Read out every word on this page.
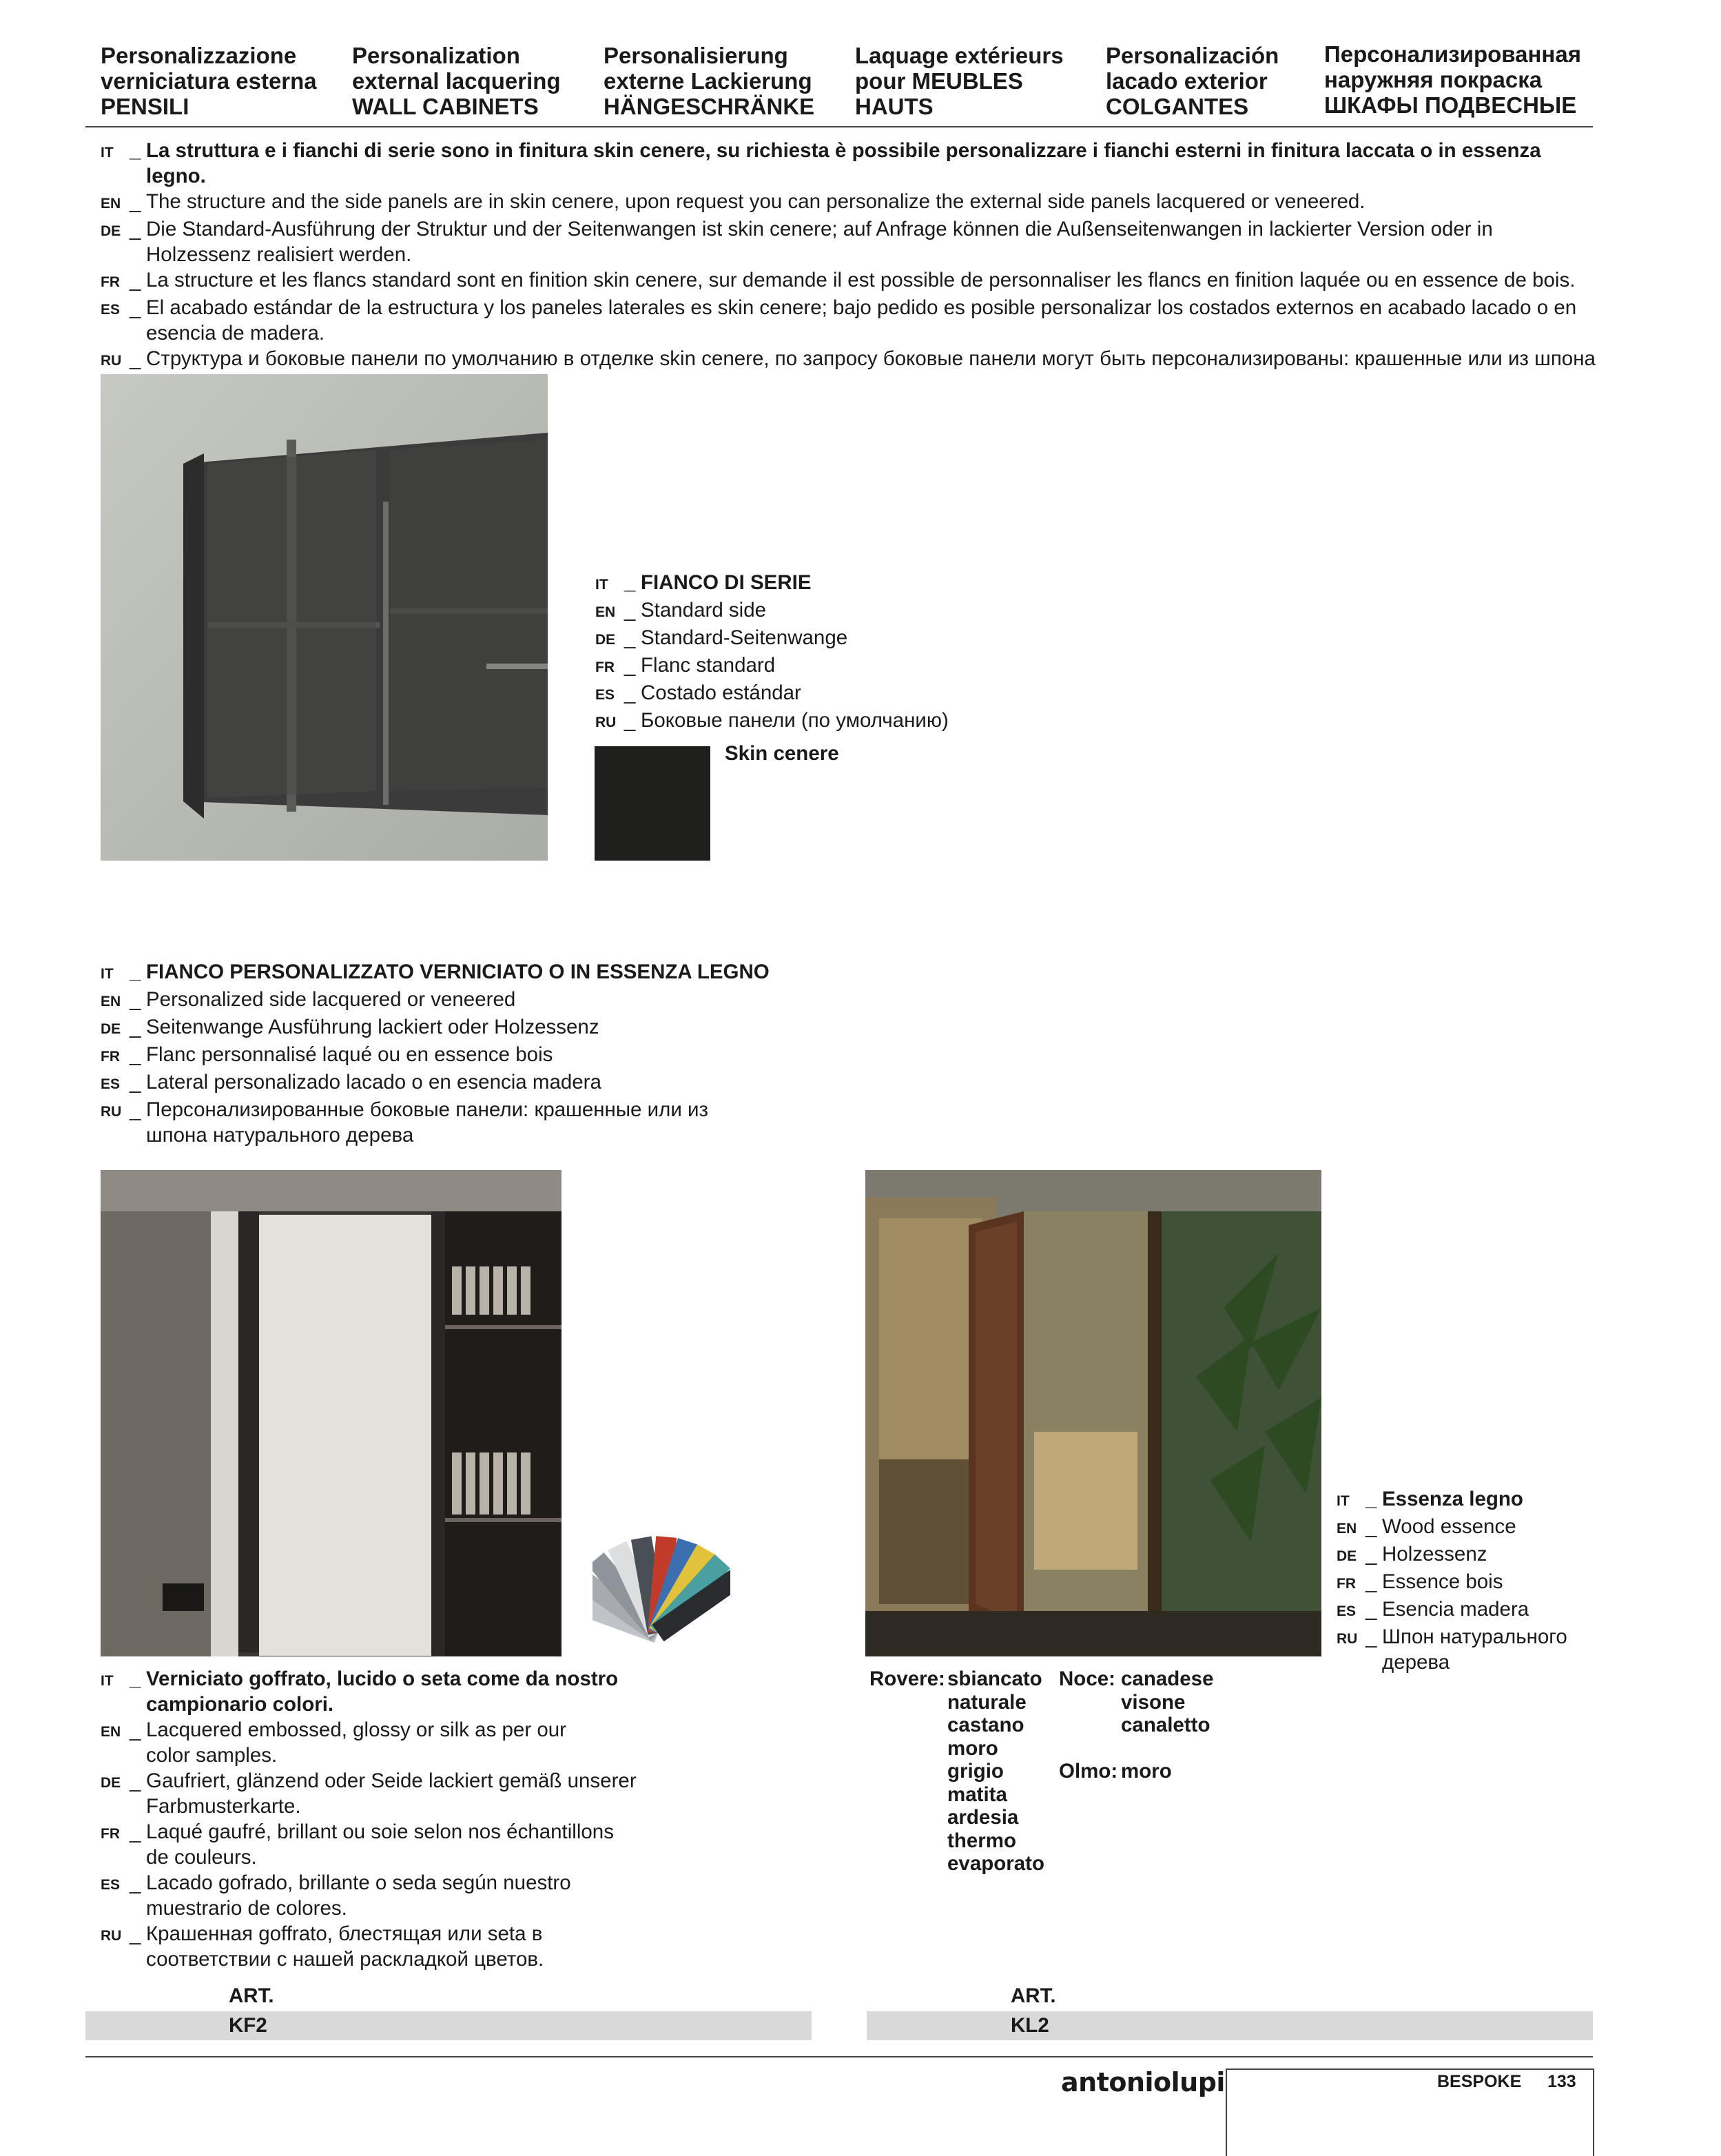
Personalizzazione
verniciatura esterna
PENSILI
Personalization
external lacquering
WALL CABINETS
Personalisierung
externe Lackierung
HÄNGESCHRÄNKE
Laquage extérieurs
pour MEUBLES
HAUTS
Personalización
lacado exterior
COLGANTES
Персонализированная
наружняя покраска
ШКАФЫ ПОДВЕСНЫЕ
IT _ La struttura e i fianchi di serie sono in finitura skin cenere, su richiesta è possibile personalizzare i fianchi esterni in finitura laccata o in essenza legno.
EN _ The structure and the side panels are in skin cenere, upon request you can personalize the external side panels lacquered or veneered.
DE _ Die Standard-Ausführung der Struktur und der Seitenwangen ist skin cenere; auf Anfrage können die Außenseitenwangen in lackierter Version oder in Holzessenz realisiert werden.
FR _ La structure et les flancs standard sont en finition skin cenere, sur demande il est possible de personnaliser les flancs en finition laquée ou en essence de bois.
ES _ El acabado estándar de la estructura y los paneles laterales es skin cenere; bajo pedido es posible personalizar los costados externos en acabado lacado o en esencia de madera.
RU _ Структура и боковые панели по умолчанию в отделке skin cenere, по запросу боковые панели могут быть персонализированы: крашенные или из шпона
IT _ FIANCO DI SERIE
EN _ Standard side
DE _ Standard-Seitenwange
FR _ Flanc standard
ES _ Costado estándar
RU _ Боковые панели (по умолчанию)
Skin cenere
IT _ FIANCO PERSONALIZZATO VERNICIATO O IN ESSENZA LEGNO
EN _ Personalized side lacquered or veneered
DE _ Seitenwange Ausführung lackiert oder Holzessenz
FR _ Flanc personnalisé laqué ou en essence bois
ES _ Lateral personalizado lacado o en esencia madera
RU _ Персонализированные боковые панели: крашенные или из шпона натурального дерева
IT _ Essenza legno
EN _ Wood essence
DE _ Holzessenz
FR _ Essence bois
ES _ Esencia madera
RU _ Шпон натурального дерева
IT _ Verniciato goffrato, lucido o seta come da nostro campionario colori.
EN _ Lacquered embossed, glossy or silk as per our color samples.
DE _ Gaufriert, glänzend oder Seide lackiert gemäß unserer Farbmusterkarte.
FR _ Laqué gaufré, brillant ou soie selon nos échantillons de couleurs.
ES _ Lacado gofrado, brillante o seda según nuestro muestrario de colores.
RU _ Крашенная goffrato, блестящая или seta в соответствии с нашей раскладкой цветов.
Rovere: sbiancato
naturale
castano
moro
grigio
matita
ardesia
thermo
evaporato
Noce: canadese
visone
canaletto
Olmo: moro
ART.
KF2
ART.
KL2
antoniolupi	BESPOKE 133
